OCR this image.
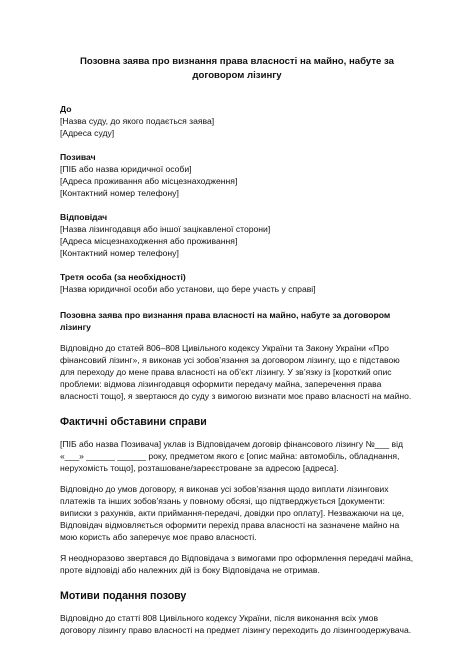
Позовна заява про визнання права власності на майно, набуте за договором лізингу
До
[Назва суду, до якого подається заява]
[Адреса суду]
Позивач
[ПІБ або назва юридичної особи]
[Адреса проживання або місцезнаходження]
[Контактний номер телефону]
Відповідач
[Назва лізингодавця або іншої зацікавленої сторони]
[Адреса місцезнаходження або проживання]
[Контактний номер телефону]
Третя особа (за необхідності)
[Назва юридичної особи або установи, що бере участь у справі]
Позовна заява про визнання права власності на майно, набуте за договором лізингу
Відповідно до статей 806–808 Цивільного кодексу України та Закону України «Про фінансовий лізинг», я виконав усі зобов’язання за договором лізингу, що є підставою для переходу до мене права власності на об’єкт лізингу. У зв’язку із [короткий опис проблеми: відмова лізингодавця оформити передачу майна, заперечення права власності тощо], я звертаюся до суду з вимогою визнати моє право власності на майно.
Фактичні обставини справи
[ПІБ або назва Позивача] уклав із Відповідачем договір фінансового лізингу №___ від «___» ______ ______ року, предметом якого є [опис майна: автомобіль, обладнання, нерухомість тощо], розташоване/зареєстроване за адресою [адреса].
Відповідно до умов договору, я виконав усі зобов’язання щодо виплати лізингових платежів та інших зобов’язань у повному обсязі, що підтверджується [документи: виписки з рахунків, акти приймання-передачі, довідки про оплату]. Незважаючи на це, Відповідач відмовляється оформити перехід права власності на зазначене майно на мою користь або заперечує моє право власності.
Я неодноразово звертався до Відповідача з вимогами про оформлення передачі майна, проте відповіді або належних дій із боку Відповідача не отримав.
Мотиви подання позову
Відповідно до статті 808 Цивільного кодексу України, після виконання всіх умов договору лізингу право власності на предмет лізингу переходить до лізингоодержувача.
